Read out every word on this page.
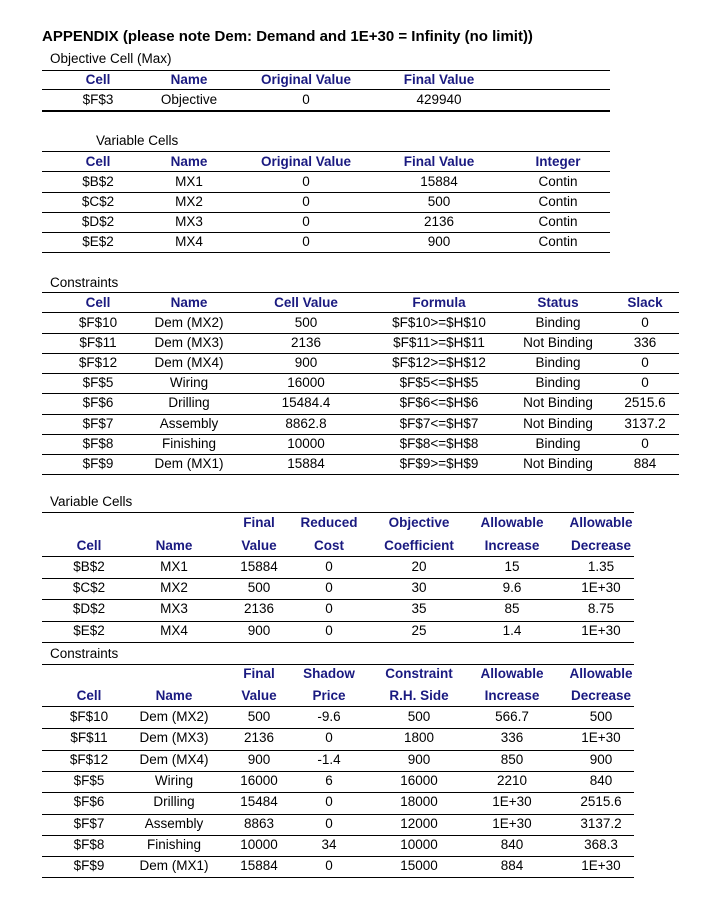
APPENDIX (please note Dem: Demand and 1E+30 = Infinity (no limit))
Objective Cell (Max)
Cell	Name	Original Value	Final Value
$F$3	Objective	0	429940
Variable Cells
Cell	Name	Original Value	Final Value	Integer
$B$2	MX1	0	15884	Contin
$C$2	MX2	0	500	Contin
$D$2	MX3	0	2136	Contin
$E$2	MX4	0	900	Contin
Constraints
Cell	Name	Cell Value	Formula	Status	Slack
$F$10	Dem (MX2)	500	$F$10>=$H$10	Binding	0
$F$11	Dem (MX3)	2136	$F$11>=$H$11	Not Binding	336
$F$12	Dem (MX4)	900	$F$12>=$H$12	Binding	0
$F$5	Wiring	16000	$F$5<=$H$5	Binding	0
$F$6	Drilling	15484.4	$F$6<=$H$6	Not Binding	2515.6
$F$7	Assembly	8862.8	$F$7<=$H$7	Not Binding	3137.2
$F$8	Finishing	10000	$F$8<=$H$8	Binding	0
$F$9	Dem (MX1)	15884	$F$9>=$H$9	Not Binding	884
Variable Cells
Final	Reduced	Objective	Allowable	Allowable
Cell	Name	Value	Cost	Coefficient	Increase	Decrease
$B$2	MX1	15884	0	20	15	1.35
$C$2	MX2	500	0	30	9.6	1E+30
$D$2	MX3	2136	0	35	85	8.75
$E$2	MX4	900	0	25	1.4	1E+30
Constraints
Final	Shadow	Constraint	Allowable	Allowable
Cell	Name	Value	Price	R.H. Side	Increase	Decrease
$F$10	Dem (MX2)	500	-9.6	500	566.7	500
$F$11	Dem (MX3)	2136	0	1800	336	1E+30
$F$12	Dem (MX4)	900	-1.4	900	850	900
$F$5	Wiring	16000	6	16000	2210	840
$F$6	Drilling	15484	0	18000	1E+30	2515.6
$F$7	Assembly	8863	0	12000	1E+30	3137.2
$F$8	Finishing	10000	34	10000	840	368.3
$F$9	Dem (MX1)	15884	0	15000	884	1E+30
